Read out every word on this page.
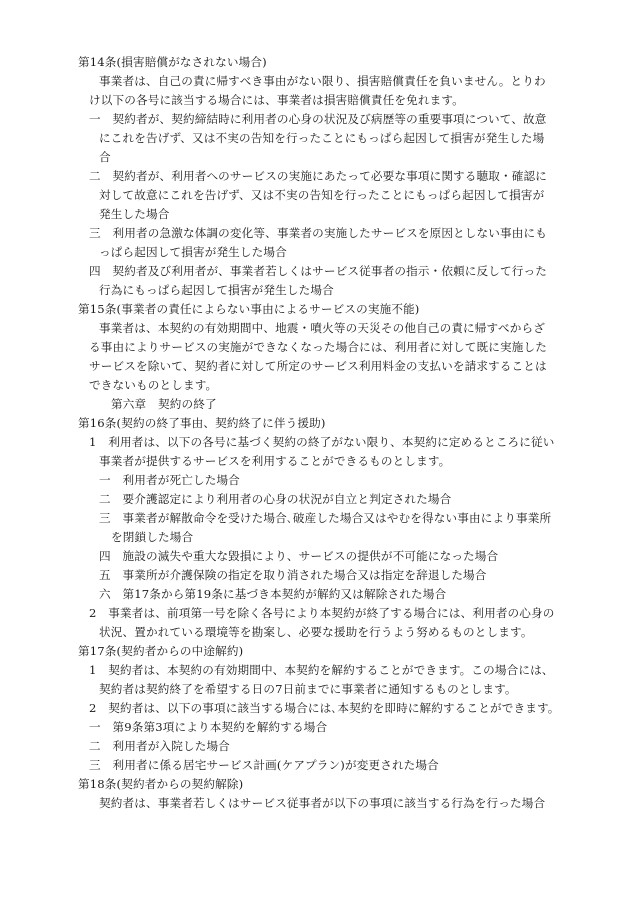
第14条(損害賠償がなされない場合)
事業者は、自己の責に帰すべき事由がない限り、損害賠償責任を負いません。とりわ
け以下の各号に該当する場合には、事業者は損害賠償責任を免れます。
一　契約者が、契約締結時に利用者の心身の状況及び病歴等の重要事項について、故意
にこれを告げず、又は不実の告知を行ったことにもっぱら起因して損害が発生した場
合
二　契約者が、利用者へのサービスの実施にあたって必要な事項に関する聴取・確認に
対して故意にこれを告げず、又は不実の告知を行ったことにもっぱら起因して損害が
発生した場合
三　利用者の急激な体調の変化等、事業者の実施したサービスを原因としない事由にも
っぱら起因して損害が発生した場合
四　契約者及び利用者が、事業者若しくはサービス従事者の指示・依頼に反して行った
行為にもっぱら起因して損害が発生した場合
第15条(事業者の責任によらない事由によるサービスの実施不能)
事業者は、本契約の有効期間中、地震・噴火等の天災その他自己の責に帰すべからざ
る事由によりサービスの実施ができなくなった場合には、利用者に対して既に実施した
サービスを除いて、契約者に対して所定のサービス利用料金の支払いを請求することは
できないものとします。
第六章　契約の終了
第16条(契約の終了事由、契約終了に伴う援助)
1　利用者は、以下の各号に基づく契約の終了がない限り、本契約に定めるところに従い
事業者が提供するサービスを利用することができるものとします。
一　利用者が死亡した場合
二　要介護認定により利用者の心身の状況が自立と判定された場合
三　事業者が解散命令を受けた場合､破産した場合又はやむを得ない事由により事業所
を閉鎖した場合
四　施設の滅失や重大な毀損により、サービスの提供が不可能になった場合
五　事業所が介護保険の指定を取り消された場合又は指定を辞退した場合
六　第17条から第19条に基づき本契約が解約又は解除された場合
2　事業者は、前項第一号を除く各号により本契約が終了する場合には、利用者の心身の
状況、置かれている環境等を勘案し、必要な援助を行うよう努めるものとします。
第17条(契約者からの中途解約)
1　契約者は、本契約の有効期間中、本契約を解約することができます。この場合には、
契約者は契約終了を希望する日の7日前までに事業者に通知するものとします。
2　契約者は、以下の事項に該当する場合には､本契約を即時に解約することができます。
一　第9条第3項により本契約を解約する場合
二　利用者が入院した場合
三　利用者に係る居宅サービス計画(ケアプラン)が変更された場合
第18条(契約者からの契約解除)
契約者は、事業者若しくはサービス従事者が以下の事項に該当する行為を行った場合
